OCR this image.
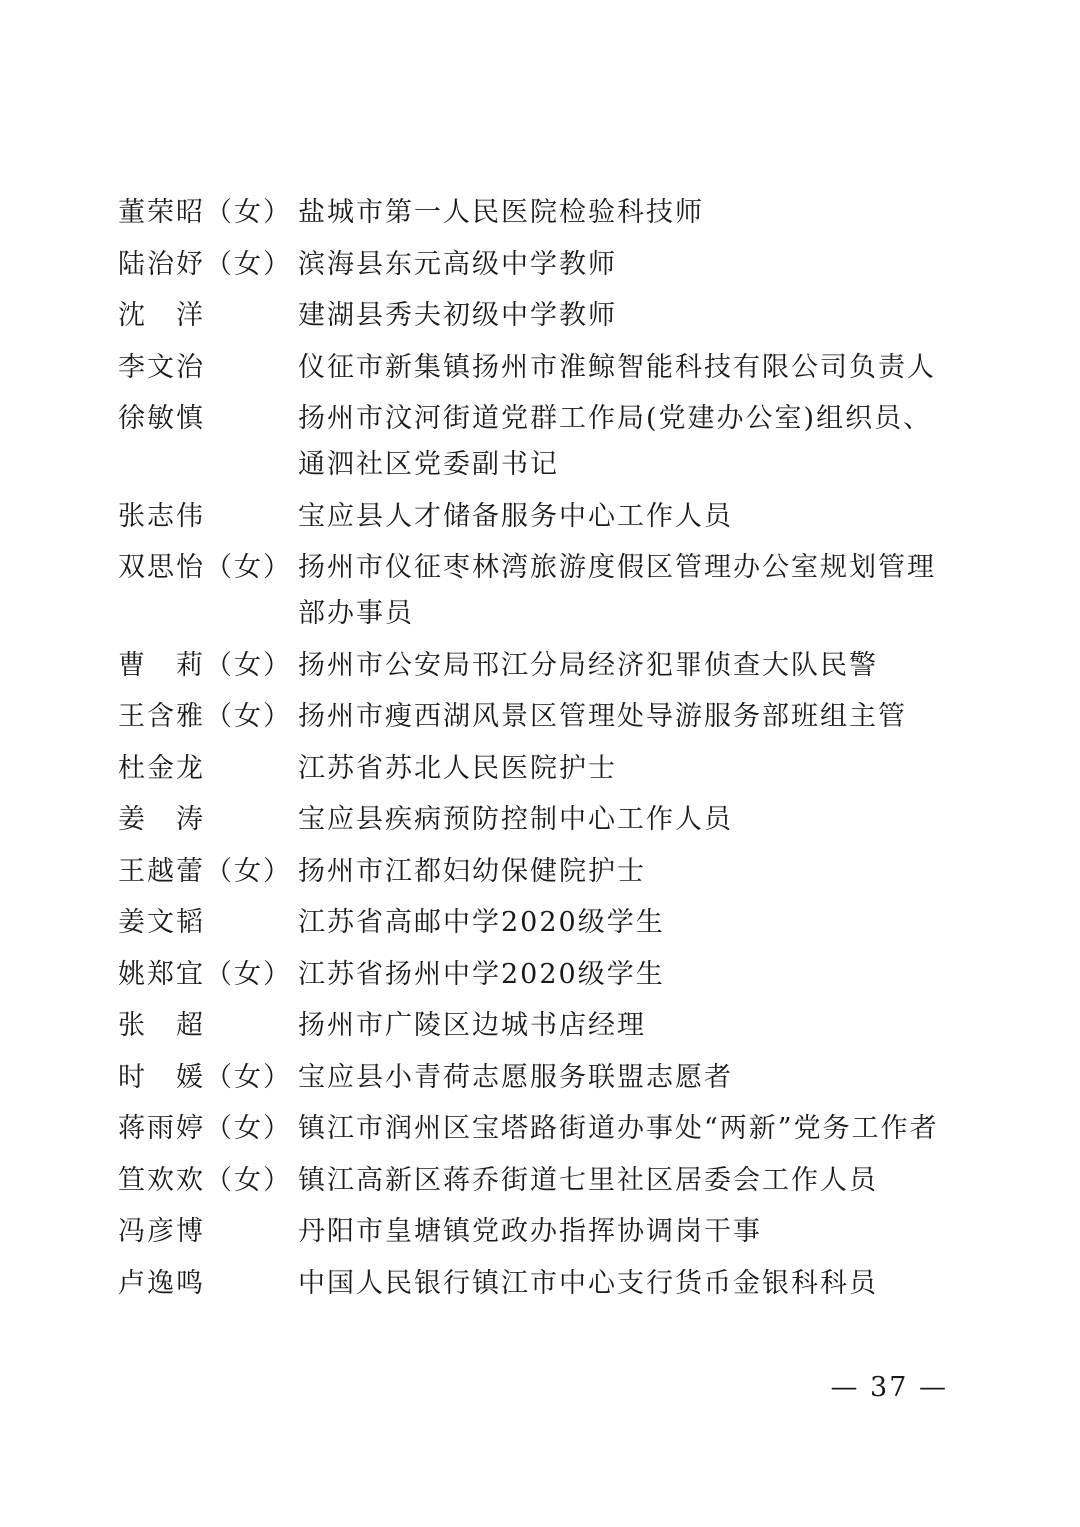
董荣昭（女） 盐城市第一人民医院检验科技师
陆治妤（女） 滨海县东元高级中学教师
沈　洋	建湖县秀夫初级中学教师
李文治	仪征市新集镇扬州市淮鲸智能科技有限公司负责人
徐敏慎	扬州市汶河街道党群工作局(党建办公室)组织员、通泗社区党委副书记
张志伟	宝应县人才储备服务中心工作人员
双思怡（女） 扬州市仪征枣林湾旅游度假区管理办公室规划管理部办事员
曹　莉（女） 扬州市公安局邗江分局经济犯罪侦查大队民警
王含雅（女） 扬州市瘦西湖风景区管理处导游服务部班组主管
杜金龙	江苏省苏北人民医院护士
姜　涛	宝应县疾病预防控制中心工作人员
王越蕾（女） 扬州市江都妇幼保健院护士
姜文韬	江苏省高邮中学2020级学生
姚郑宜（女） 江苏省扬州中学2020级学生
张　超	扬州市广陵区边城书店经理
时　媛（女） 宝应县小青荷志愿服务联盟志愿者
蒋雨婷（女） 镇江市润州区宝塔路街道办事处“两新”党务工作者
笪欢欢（女） 镇江高新区蒋乔街道七里社区居委会工作人员
冯彦博	丹阳市皇塘镇党政办指挥协调岗干事
卢逸鸣	中国人民银行镇江市中心支行货币金银科科员
— 37 —
